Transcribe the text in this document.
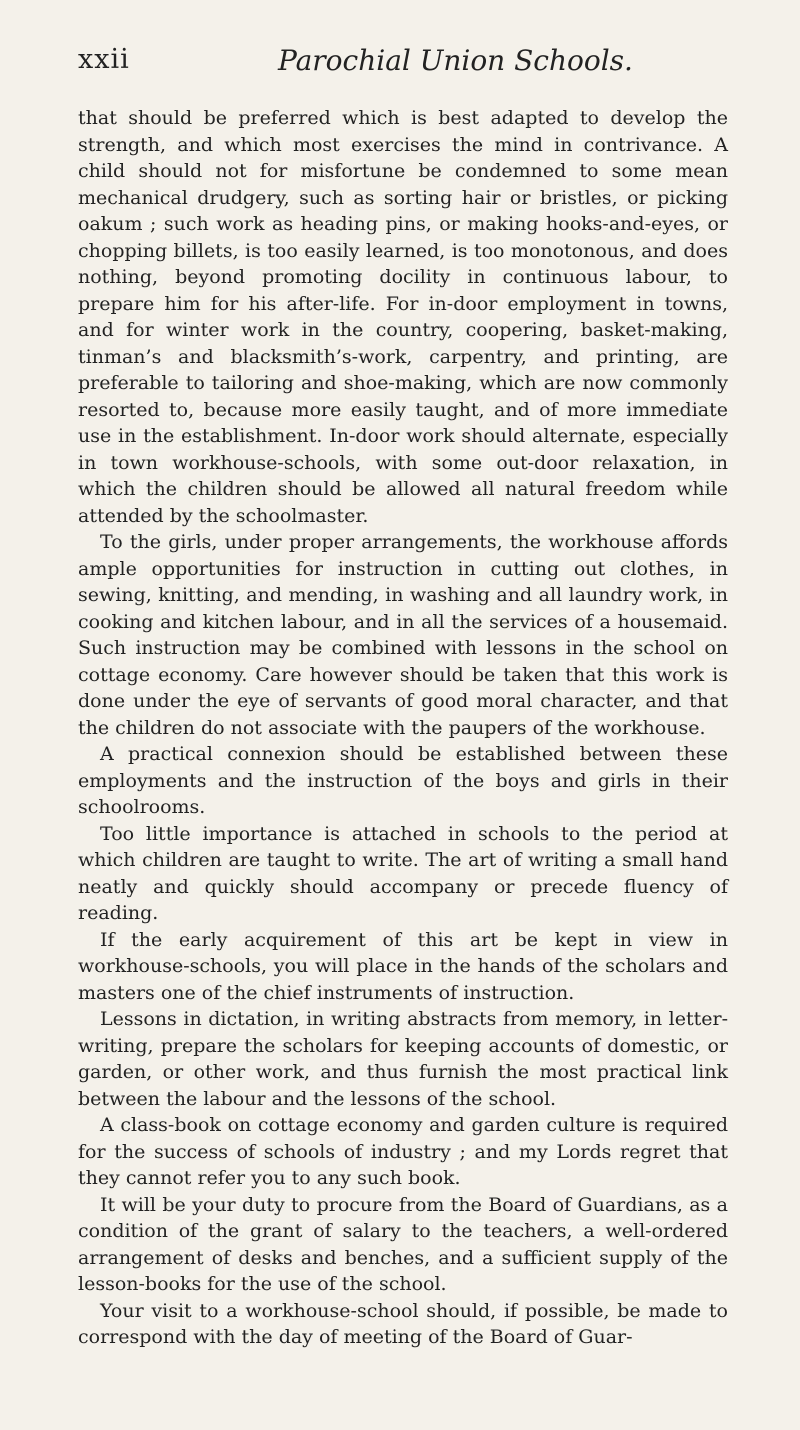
xxii	Parochial Union Schools.

that should be preferred which is best adapted to develop the strength, and which most exercises the mind in contrivance. A child should not for misfortune be condemned to some mean mechanical drudgery, such as sorting hair or bristles, or picking oakum ; such work as heading pins, or making hooks-and-eyes, or chopping billets, is too easily learned, is too monotonous, and does nothing, beyond promoting docility in continuous labour, to prepare him for his after-life. For in-door employment in towns, and for winter work in the country, coopering, basket-making, tinman’s and blacksmith’s-work, carpentry, and printing, are preferable to tailoring and shoe-making, which are now commonly resorted to, because more easily taught, and of more immediate use in the establishment. In-door work should alternate, especially in town workhouse-schools, with some out-door relaxation, in which the children should be allowed all natural freedom while attended by the schoolmaster.

To the girls, under proper arrangements, the workhouse affords ample opportunities for instruction in cutting out clothes, in sewing, knitting, and mending, in washing and all laundry work, in cooking and kitchen labour, and in all the services of a housemaid. Such instruction may be combined with lessons in the school on cottage economy. Care however should be taken that this work is done under the eye of servants of good moral character, and that the children do not associate with the paupers of the workhouse.

A practical connexion should be established between these employments and the instruction of the boys and girls in their schoolrooms.

Too little importance is attached in schools to the period at which children are taught to write. The art of writing a small hand neatly and quickly should accompany or precede fluency of reading.

If the early acquirement of this art be kept in view in workhouse-schools, you will place in the hands of the scholars and masters one of the chief instruments of instruction.

Lessons in dictation, in writing abstracts from memory, in letter-writing, prepare the scholars for keeping accounts of domestic, or garden, or other work, and thus furnish the most practical link between the labour and the lessons of the school.

A class-book on cottage economy and garden culture is required for the success of schools of industry ; and my Lords regret that they cannot refer you to any such book.

It will be your duty to procure from the Board of Guardians, as a condition of the grant of salary to the teachers, a well-ordered arrangement of desks and benches, and a sufficient supply of the lesson-books for the use of the school.

Your visit to a workhouse-school should, if possible, be made to correspond with the day of meeting of the Board of Guar-
